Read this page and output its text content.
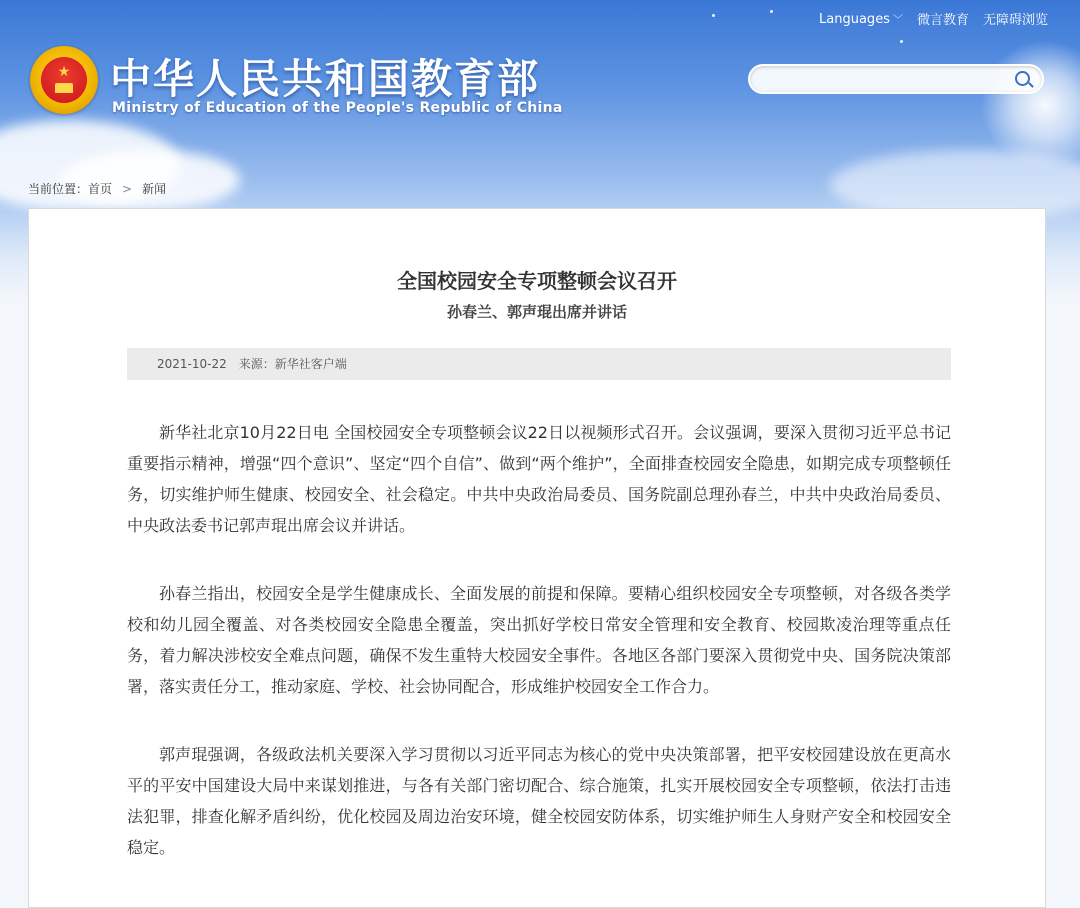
Languages ﹀ 微言教育 无障碍浏览
★ 中华人民共和国教育部
Ministry of Education of the People's Republic of China
当前位置：首页 > 新闻
全国校园安全专项整顿会议召开
孙春兰、郭声琨出席并讲话
2021-10-22 来源：新华社客户端

新华社北京10月22日电 全国校园安全专项整顿会议22日以视频形式召开。会议强调，要深入贯彻习近平总书记重要指示精神，增强“四个意识”、坚定“四个自信”、做到“两个维护”，全面排查校园安全隐患，如期完成专项整顿任务，切实维护师生健康、校园安全、社会稳定。中共中央政治局委员、国务院副总理孙春兰，中共中央政治局委员、中央政法委书记郭声琨出席会议并讲话。

孙春兰指出，校园安全是学生健康成长、全面发展的前提和保障。要精心组织校园安全专项整顿，对各级各类学校和幼儿园全覆盖、对各类校园安全隐患全覆盖，突出抓好学校日常安全管理和安全教育、校园欺凌治理等重点任务，着力解决涉校安全难点问题，确保不发生重特大校园安全事件。各地区各部门要深入贯彻党中央、国务院决策部署，落实责任分工，推动家庭、学校、社会协同配合，形成维护校园安全工作合力。

郭声琨强调，各级政法机关要深入学习贯彻以习近平同志为核心的党中央决策部署，把平安校园建设放在更高水平的平安中国建设大局中来谋划推进，与各有关部门密切配合、综合施策，扎实开展校园安全专项整顿，依法打击违法犯罪，排查化解矛盾纠纷，优化校园及周边治安环境，健全校园安防体系，切实维护师生人身财产安全和校园安全稳定。
